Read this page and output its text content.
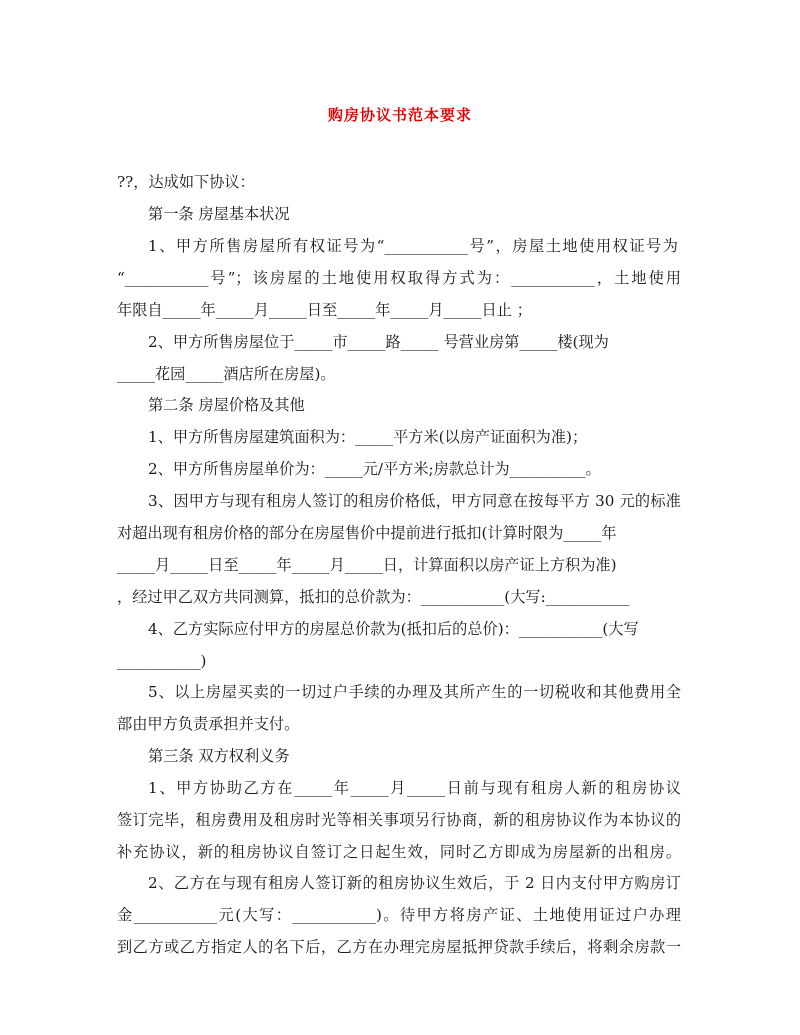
购房协议书范本要求
??，达成如下协议：
第一条 房屋基本状况
1、甲方所售房屋所有权证号为“___________号”，房屋土地使用权证号为
“___________号”；该房屋的土地使用权取得方式为：___________，土地使用
年限自_____年_____月_____日至_____年_____月_____日止 ；
2、甲方所售房屋位于_____市_____路_____ 号营业房第_____楼(现为
_____花园_____酒店所在房屋)。
第二条 房屋价格及其他
1、甲方所售房屋建筑面积为：_____平方米(以房产证面积为准)；
2、甲方所售房屋单价为：_____元/平方米;房款总计为__________。
3、因甲方与现有租房人签订的租房价格低，甲方同意在按每平方 30 元的标准
对超出现有租房价格的部分在房屋售价中提前进行抵扣(计算时限为_____年
_____月_____日至_____年_____月_____日，计算面积以房产证上方积为准)
，经过甲乙双方共同测算，抵扣的总价款为：___________(大写:___________
4、乙方实际应付甲方的房屋总价款为(抵扣后的总价)：___________(大写
___________)
5、以上房屋买卖的一切过户手续的办理及其所产生的一切税收和其他费用全
部由甲方负责承担并支付。
第三条 双方权利义务
1、甲方协助乙方在_____年_____月_____日前与现有租房人新的租房协议
签订完毕，租房费用及租房时光等相关事项另行协商，新的租房协议作为本协议的
补充协议，新的租房协议自签订之日起生效，同时乙方即成为房屋新的出租房。
2、乙方在与现有租房人签订新的租房协议生效后，于 2 日内支付甲方购房订
金___________元(大写：___________)。待甲方将房产证、土地使用证过户办理
到乙方或乙方指定人的名下后，乙方在办理完房屋抵押贷款手续后，将剩余房款一
